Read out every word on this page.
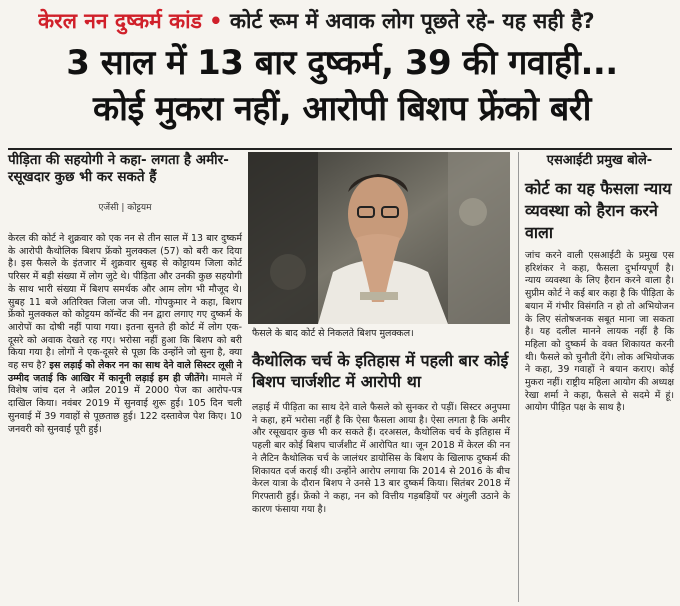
केरल नन दुष्कर्म कांड • कोर्ट रूम में अवाक लोग पूछते रहे- यह सही है?
3 साल में 13 बार दुष्कर्म, 39 की गवाही...
कोई मुकरा नहीं, आरोपी बिशप फ्रेंको बरी
पीड़िता की सहयोगी ने कहा- लगता है अमीर-रसूखदार कुछ भी कर सकते हैं
एजेंसी | कोट्टयम
केरल की कोर्ट ने शुक्रवार को एक नन से तीन साल में 13 बार दुष्कर्म के आरोपी कैथोलिक बिशप फ्रेंको मुलक्कल (57) को बरी कर दिया है। इस फैसले के इंतजार में शुक्रवार सुबह से कोट्टायम जिला कोर्ट परिसर में बड़ी संख्या में लोग जुटे थे। पीड़िता और उनकी कुछ सहयोगी के साथ भारी संख्या में बिशप समर्थक और आम लोग भी मौजूद थे। सुबह 11 बजे अतिरिक्त जिला जज जी. गोपकुमार ने कहा, बिशप फ्रेंको मुलक्कल को कोट्टयम कॉन्वेंट की नन द्वारा लगाए गए दुष्कर्म के आरोपों का दोषी नहीं पाया गया। इतना सुनते ही कोर्ट में लोग एक-दूसरे को अवाक देखते रह गए। भरोसा नहीं हुआ कि बिशप को बरी किया गया है। लोगों ने एक-दूसरे से पूछा कि उन्होंने जो सुना है, क्या वह सच है? इस लड़ाई को लेकर नन का साथ देने वाले सिस्टर लूसी ने उम्मीद जताई कि आखिर में कानूनी लड़ाई हम ही जीतेंगे। मामले में विशेष जांच दल ने अप्रैल 2019 में 2000 पेज का आरोप-पत्र दाखिल किया। नवंबर 2019 में सुनवाई शुरू हुई। 105 दिन चली सुनवाई में 39 गवाहों से पूछताछ हुई। 122 दस्तावेज पेश किए। 10 जनवरी को सुनवाई पूरी हुई।
फैसले के बाद कोर्ट से निकलते बिशप मुलक्कल।
कैथोलिक चर्च के इतिहास में पहली बार कोई बिशप चार्जशीट में आरोपी था
लड़ाई में पीड़िता का साथ देने वाले फैसले को सुनकर रो पड़ीं। सिस्टर अनुपमा ने कहा, हमें भरोसा नहीं है कि ऐसा फैसला आया है। ऐसा लगता है कि अमीर और रसूखदार कुछ भी कर सकते हैं। दरअसल, कैथोलिक चर्च के इतिहास में पहली बार कोई बिशप चार्जशीट में आरोपित था। जून 2018 में केरल की नन ने लैटिन कैथोलिक चर्च के जालंधर डायोसिस के बिशप के खिलाफ दुष्कर्म की शिकायत दर्ज कराई थी। उन्होंने आरोप लगाया कि 2014 से 2016 के बीच केरल यात्रा के दौरान बिशप ने उनसे 13 बार दुष्कर्म किया। सितंबर 2018 में गिरफ्तारी हुई। फ्रेंको ने कहा, नन को वित्तीय गड़बड़ियों पर अंगुली उठाने के कारण फंसाया गया है।
एसआईटी प्रमुख बोले-
कोर्ट का यह फैसला न्याय व्यवस्था को हैरान करने वाला
जांच करने वाली एसआईटी के प्रमुख एस हरिशंकर ने कहा, फैसला दुर्भाग्यपूर्ण है। न्याय व्यवस्था के लिए हैरान करने वाला है। सुप्रीम कोर्ट ने कई बार कहा है कि पीड़िता के बयान में गंभीर विसंगति न हो तो अभियोजन के लिए संतोषजनक सबूत माना जा सकता है। यह दलील मानने लायक नहीं है कि महिला को दुष्कर्म के वक्त शिकायत करनी थी। फैसले को चुनौती देंगे। लोक अभियोजक ने कहा, 39 गवाहों ने बयान कराए। कोई मुकरा नहीं। राष्ट्रीय महिला आयोग की अध्यक्ष रेखा शर्मा ने कहा, फैसले से सदमे में हूं। आयोग पीड़ित पक्ष के साथ है।
